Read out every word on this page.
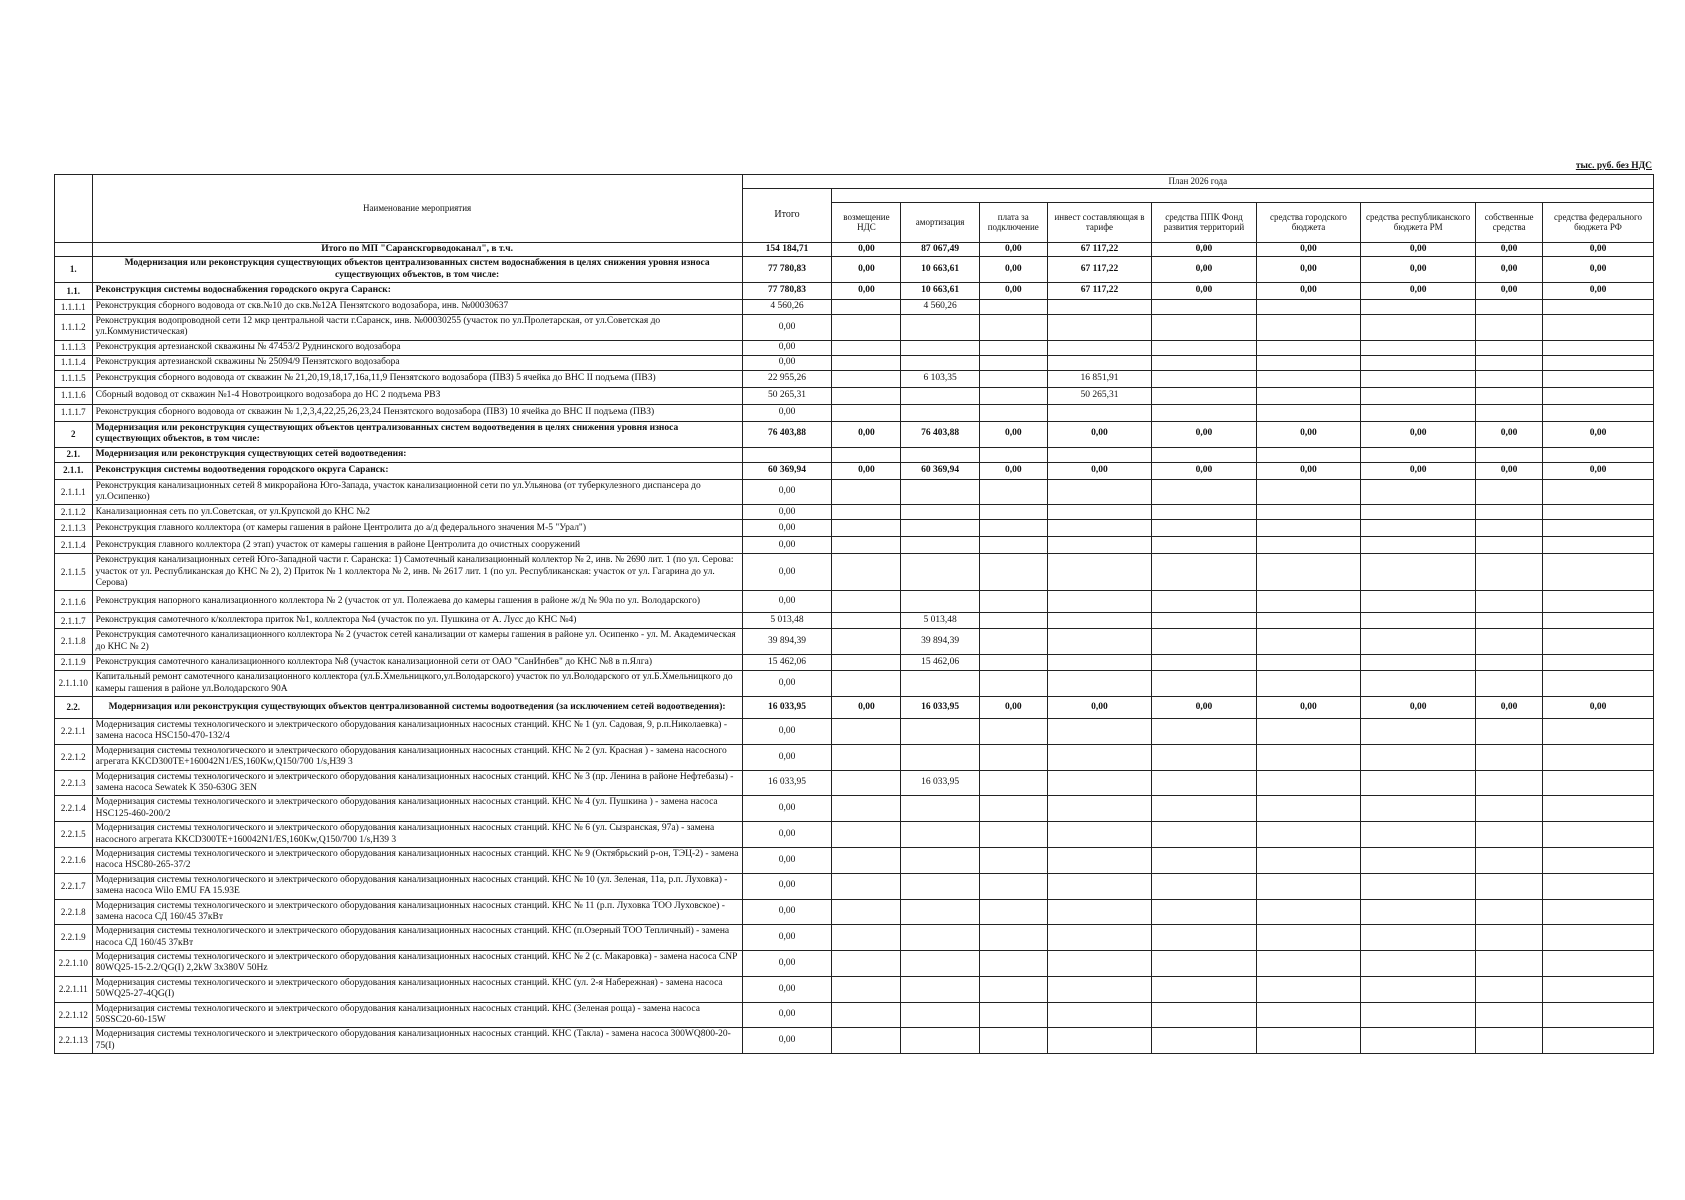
тыс. руб. без НДС
	Наименование мероприятия	План 2026 года									
		Итого									
			возмещение НДС	амортизация	плата за подключение	инвест составляющая в тарифе	средства ППК Фонд развития территорий	средства городского бюджета	средства республиканского бюджета РМ	собственные средства	средства федерального бюджета РФ
	Итого по МП "Саранскгорводоканал", в т.ч.	154 184,71	0,00	87 067,49	0,00	67 117,22	0,00	0,00	0,00	0,00	0,00
1.	Модернизация или реконструкция существующих объектов централизованных систем водоснабжения в целях снижения уровня износа существующих объектов, в том числе:	77 780,83	0,00	10 663,61	0,00	67 117,22	0,00	0,00	0,00	0,00	0,00
1.1.	Реконструкция системы водоснабжения городского округа Саранск:	77 780,83	0,00	10 663,61	0,00	67 117,22	0,00	0,00	0,00	0,00	0,00
1.1.1.1	Реконструкция сборного водовода от скв.№10 до скв.№12А Пензятского водозабора, инв. №00030637	4 560,26		4 560,26							
1.1.1.2	Реконструкция водопроводной сети 12 мкр центральной части г.Саранск, инв. №00030255 (участок по ул.Пролетарская, от ул.Советская до ул.Коммунистическая)	0,00									
1.1.1.3	Реконструкция артезианской скважины № 47453/2 Руднинского водозабора	0,00									
1.1.1.4	Реконструкция артезианской скважины № 25094/9 Пензятского водозабора	0,00									
1.1.1.5	Реконструкция сбоpного водовода от скважин № 21,20,19,18,17,16а,11,9 Пензятского водозабора (ПВЗ) 5 ячейка до ВНС II подъема (ПВЗ)	22 955,26		6 103,35		16 851,91					
1.1.1.6	Сборный водовод от скважин №1-4 Новотроицкого водозабора до НС 2 подъема РВЗ	50 265,31				50 265,31					
1.1.1.7	Реконструкция сбоpного водовода от скважин № 1,2,3,4,22,25,26,23,24 Пензятского водозабора (ПВЗ) 10 ячейка до ВНС II подъема (ПВЗ)	0,00									
2	Модернизация или реконструкция существующих объектов централизованных систем водоотведения в целях снижения уровня износа существующих объектов, в том числе:	76 403,88	0,00	76 403,88	0,00	0,00	0,00	0,00	0,00	0,00	0,00
2.1.	Модернизация или реконструкция существующих сетей водоотведения:										
2.1.1.	Реконструкция системы водоотведения городского округа Саранск:	60 369,94	0,00	60 369,94	0,00	0,00	0,00	0,00	0,00	0,00	0,00
2.1.1.1	Реконструкция канализационных сетей 8 микрорайона Юго-Запада, участок канализационной сети по ул.Ульянова (от туберкулезного диспансера до ул.Осипенко)	0,00									
2.1.1.2	Канализационная сеть по ул.Советская, от ул.Крупской до КНС №2	0,00									
2.1.1.3	Реконструкция главного коллектора (от камеры гашения в районе Центролита до а/д федерального значения М-5 "Урал")	0,00									
2.1.1.4	Реконструкция главного коллектора (2 этап) участок от камеры гашения в районе Центролита до очистных сооружений	0,00									
2.1.1.5	Реконструкция канализационных сетей Юго-Западной части г. Саранска: 1) Самотечный канализационный коллектор № 2, инв. № 2690 лит. 1 (по ул. Серова: участок от ул. Республиканская до КНС № 2), 2) Приток № 1 коллектора № 2, инв. № 2617 лит. 1 (по ул. Республиканская: участок от ул. Гагарина до ул. Серова)	0,00									
2.1.1.6	Реконструкция напорного канализационного коллектора № 2 (участок от ул. Полежаева до камеры гашения в районе ж/д № 90а по ул. Володарского)	0,00									
2.1.1.7	Реконструкция самотечного к/коллектора приток №1, коллектора №4 (участок по ул. Пушкина от А. Лусс до КНС №4)	5 013,48		5 013,48							
2.1.1.8	Реконструкция самотечного канализационного коллектора № 2 (участок сетей канализации от камеры гашения в районе ул. Осипенко - ул. М. Академическая до КНС № 2)	39 894,39		39 894,39							
2.1.1.9	Реконструкция самотечного канализационного коллектора №8 (участок канализационной сети от ОАО "СанИнбев" до КНС №8 в п.Ялга)	15 462,06		15 462,06							
2.1.1.10	Капитальный ремонт самотечного канализационного коллектора (ул.Б.Хмельницкого,ул.Володарского) участок по ул.Володарского от ул.Б.Хмельницкого до камеры гашения в районе ул.Володарского 90А	0,00									
2.2.	Модернизация или реконструкция существующих объектов централизованной системы водоотведения (за исключением сетей водоотведения):	16 033,95	0,00	16 033,95	0,00	0,00	0,00	0,00	0,00	0,00	0,00
2.2.1.1	Модернизация системы технологического и электрического оборудования канализационных насосных станций. КНС № 1 (ул. Садовая, 9, р.п.Николаевка) - замена насоса HSC150-470-132/4	0,00									
2.2.1.2	Модернизация системы технологического и электрического оборудования канализационных насосных станций. КНС № 2 (ул. Красная ) - замена насосного агрегата KKCD300TE+160042N1/ES,160Kw,Q150/700 1/s,H39 3	0,00									
2.2.1.3	Модернизация системы технологического и электрического оборудования канализационных насосных станций. КНС № 3 (пр. Ленина в районе Нефтебазы) - замена насоса Sewatek K 350-630G 3EN	16 033,95		16 033,95							
2.2.1.4	Модернизация системы технологического и электрического оборудования канализационных насосных станций. КНС № 4 (ул. Пушкина ) - замена насоса HSC125-460-200/2	0,00									
2.2.1.5	Модернизация системы технологического и электрического оборудования канализационных насосных станций. КНС № 6 (ул. Сызранская, 97а) - замена насосного агрегата KKCD300TE+160042N1/ES,160Kw,Q150/700 1/s,H39 3	0,00									
2.2.1.6	Модернизация системы технологического и электрического оборудования канализационных насосных станций. КНС № 9 (Октябрьский р-он, ТЭЦ-2) - замена насоса HSC80-265-37/2	0,00									
2.2.1.7	Модернизация системы технологического и электрического оборудования канализационных насосных станций. КНС № 10 (ул. Зеленая, 11а, р.п. Луховка) - замена насоса Wilo EMU FA 15.93E	0,00									
2.2.1.8	Модернизация системы технологического и электрического оборудования канализационных насосных станций. КНС № 11 (р.п. Луховка ТОО Луховское) - замена насоса СД 160/45 37кВт	0,00									
2.2.1.9	Модернизация системы технологического и электрического оборудования канализационных насосных станций. КНС (п.Озерный ТОО Тепличный) - замена насоса СД 160/45 37кВт	0,00									
2.2.1.10	Модернизация системы технологического и электрического оборудования канализационных насосных станций. КНС № 2 (с. Макаровка) - замена насоса CNP 80WQ25-15-2.2/QG(I) 2,2kW 3x380V 50Hz	0,00									
2.2.1.11	Модернизация системы технологического и электрического оборудования канализационных насосных станций. КНС (ул. 2-я Набережная) - замена насоса 50WQ25-27-4QG(I)	0,00									
2.2.1.12	Модернизация системы технологического и электрического оборудования канализационных насосных станций. КНС (Зеленая роща) - замена насоса 50SSC20-60-15W	0,00									
2.2.1.13	Модернизация системы технологического и электрического оборудования канализационных насосных станций. КНС (Такла) - замена насоса 300WQ800-20-75(I)	0,00									
